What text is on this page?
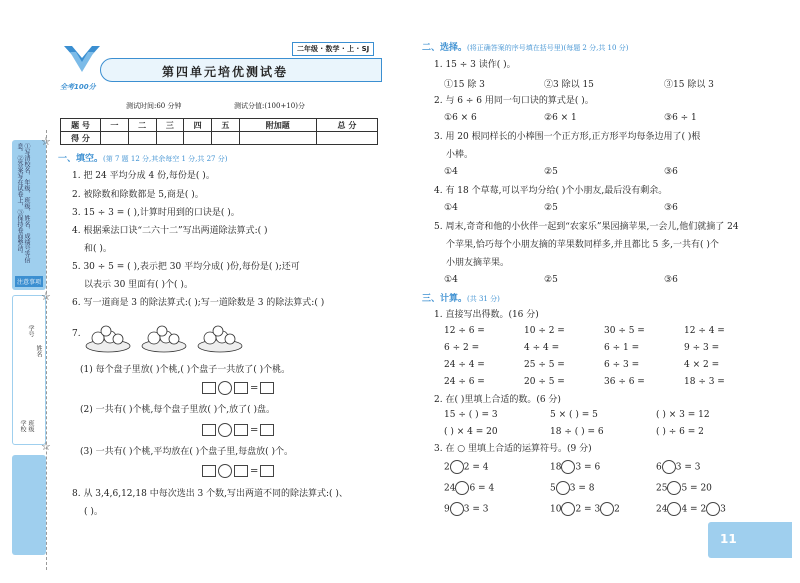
①写清校名、年级、班级、姓名、成绩号等信息。②答案写在试卷上，③保持卷面整洁。
注意事项
学校 班级
姓名
学号
☆
☆
☆
全考100分
二年级 · 数学 · 上 · SJ
第四单元培优测试卷
测试时间:60 分钟	测试分值:(100+10)分
题 号	一	二	三	四	五	附加题	总 分
得 分							
一、填空。(第 7 题 12 分,其余每空 1 分,共 27 分)
1. 把 24 平均分成 4 份,每份是( )。
2. 被除数和除数都是 5,商是( )。
3. 15 ÷ 3 = ( ),计算时用到的口诀是( )。
4. 根据乘法口诀“二六十二”写出两道除法算式:( )
和( )。
5. 30 ÷ 5 = ( ),表示把 30 平均分成( )份,每份是( );还可
以表示 30 里面有( )个( )。
6. 写一道商是 3 的除法算式:( );写一道除数是 3 的除法算式:( )
7.
(1) 每个盘子里放( )个桃,( )个盘子一共放了( )个桃。
=
(2) 一共有( )个桃,每个盘子里放( )个,放了( )盘。
=
(3) 一共有( )个桃,平均放在( )个盘子里,每盘放( )个。
=
8. 从 3,4,6,12,18 中每次选出 3 个数,写出两道不同的除法算式:( )、
( )。
二、选择。(将正确答案的序号填在括号里)(每题 2 分,共 10 分)
1. 15 ÷ 3 读作( )。
①15 除 3	②3 除以 15	③15 除以 3
2. 与 6 ÷ 6 用同一句口诀的算式是( )。
①6 × 6	②6 × 1	③6 ÷ 1
3. 用 20 根同样长的小棒围一个正方形,正方形平均每条边用了( )根
小棒。
①4	②5	③6
4. 有 18 个草莓,可以平均分给( )个小朋友,最后没有剩余。
①4	②5	③6
5. 周末,奇奇和他的小伙伴一起到“农家乐”果园摘苹果,一会儿,他们就摘了 24
个苹果,恰巧每个小朋友摘的苹果数同样多,并且都比 5 多,一共有( )个
小朋友摘苹果。
①4	②5	③6
三、计算。(共 31 分)
1. 直接写出得数。(16 分)
12 ÷ 6 =	10 ÷ 2 =	30 ÷ 5 =	12 ÷ 4 =
6 ÷ 2 =	4 ÷ 4 =	6 ÷ 1 =	9 ÷ 3 =
24 ÷ 4 =	25 ÷ 5 =	6 ÷ 3 =	4 × 2 =
24 ÷ 6 =	20 ÷ 5 =	36 ÷ 6 =	18 ÷ 3 =
2. 在( )里填上合适的数。(6 分)
15 ÷ ( ) = 3	5 × ( ) = 5	( ) × 3 = 12
( ) × 4 = 20	18 ÷ ( ) = 6	( ) ÷ 6 = 2
3. 在 ○ 里填上合适的运算符号。(9 分)
2 2 = 4	18 3 = 6	6 3 = 3
24 6 = 4	5 3 = 8	25 5 = 20
9 3 = 3	10 2 = 3 2	24 4 = 2 3
11
